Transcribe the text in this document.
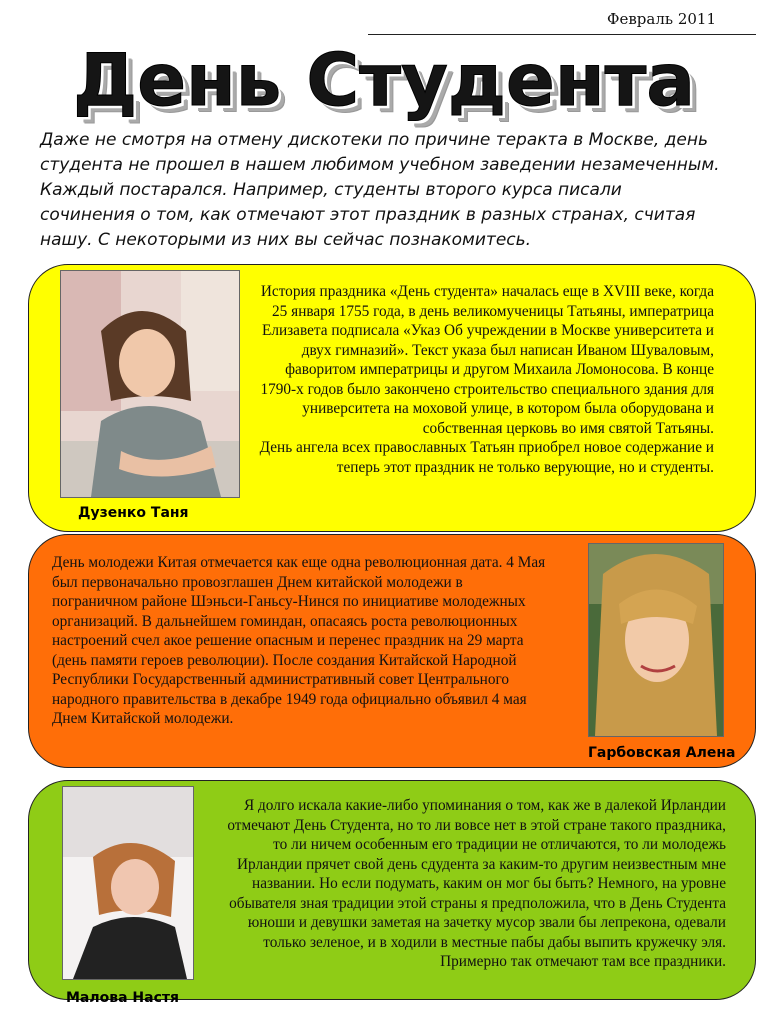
Февраль 2011
День Студента
Даже не смотря на отмену дискотеки по причине теракта в Москве, день студента не прошел в нашем любимом учебном заведении незамеченным. Каждый постарался. Например, студенты второго курса писали сочинения о том, как отмечают этот праздник в разных странах, считая нашу. С некоторыми из них вы сейчас познакомитесь.
Дузенко Таня

История праздника «День студента» началась еще в XVIII веке, когда 25 января 1755 года, в день великомученицы Татьяны, императрица Елизавета подписала «Указ Об учреждении в Москве университета и двух гимназий». Текст указа был написан Иваном Шуваловым, фаворитом императрицы и другом Михаила Ломоносова. В конце 1790-х годов было закончено строительство специального здания для университета на моховой улице, в котором была оборудована и собственная церковь во имя святой Татьяны.

День ангела всех православных Татьян приобрел новое содержание и теперь этот праздник не только верующие, но и студенты.

День молодежи Китая отмечается как еще одна революционная дата. 4 Мая был первоначально провозглашен Днем китайской молодежи в пограничном районе Шэньси-Ганьсу-Нинся по инициативе молодежных организаций. В дальнейшем гоминдан, опасаясь роста революционных настроений счел акое решение опасным и перенес праздник на 29 марта (день памяти героев революции). После создания Китайской Народной Республики Государственный административный совет Центрального народного правительства в декабре 1949 года официально объявил 4 мая Днем Китайской молодежи.

Гарбовская Алена
Малова Настя

Я долго искала какие-либо упоминания о том, как же в далекой Ирландии отмечают День Студента, но то ли вовсе нет в этой стране такого праздника, то ли ничем особенным его традиции не отличаются, то ли молодежь Ирландии прячет свой день сдудента за каким-то другим неизвестным мне названии. Но если подумать, каким он мог бы быть? Немного, на уровне обывателя зная традиции этой страны я предположила, что в День Студента юноши и девушки заметая на зачетку мусор звали бы лепрекона, одевали только зеленое, и в ходили в местные пабы дабы выпить кружечку эля. Примерно так отмечают там все праздники.
